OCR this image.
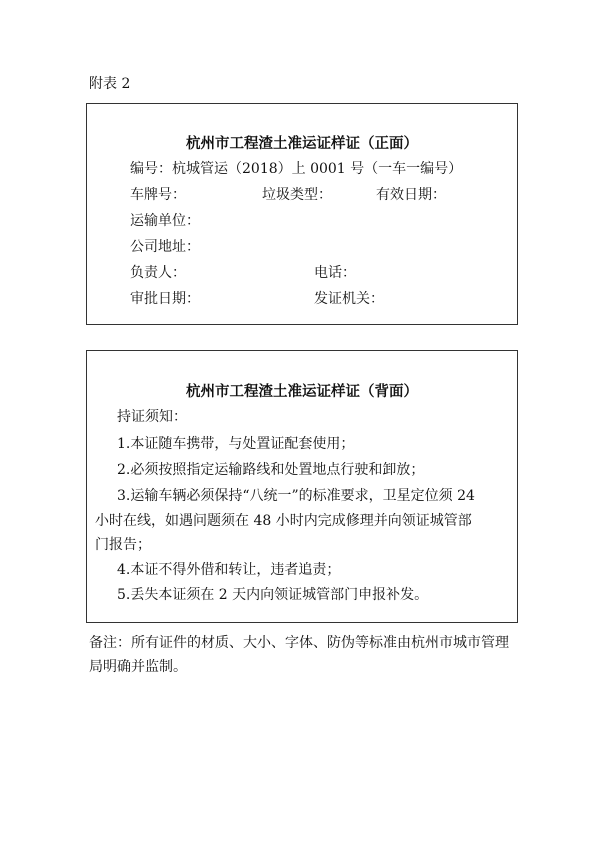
附表 2
杭州市工程渣土准运证样证（正面）
编号：杭城管运（2018）上 0001 号（一车一编号）
车牌号：	垃圾类型：	有效日期：
运输单位：
公司地址：
负责人：	电话：
审批日期：	发证机关：
杭州市工程渣土准运证样证（背面）
持证须知：
1.本证随车携带，与处置证配套使用；
2.必须按照指定运输路线和处置地点行驶和卸放；
3.运输车辆必须保持“八统一”的标准要求，卫星定位须 24
小时在线，如遇问题须在 48 小时内完成修理并向领证城管部
门报告；
4.本证不得外借和转让，违者追责；
5.丢失本证须在 2 天内向领证城管部门申报补发。
备注：所有证件的材质、大小、字体、防伪等标准由杭州市城市管理局明确并监制。
